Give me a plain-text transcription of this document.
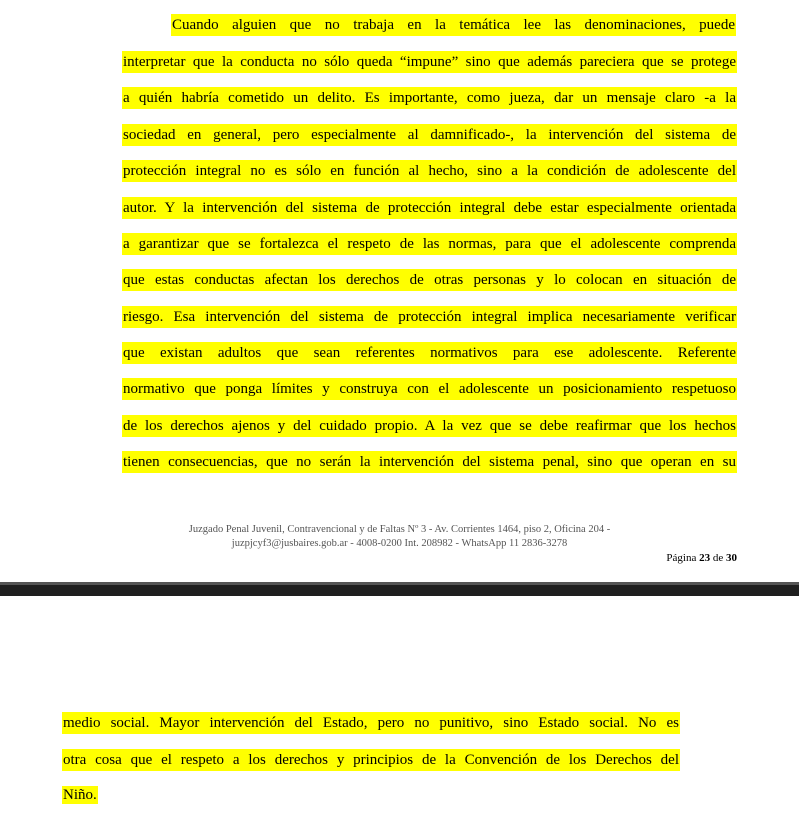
Cuando alguien que no trabaja en la temática lee las denominaciones, puede
interpretar que la conducta no sólo queda “impune” sino que además pareciera que se protege
a quién habría cometido un delito. Es importante, como jueza, dar un mensaje claro -a la
sociedad en general, pero especialmente al damnificado-, la intervención del sistema de
protección integral no es sólo en función al hecho, sino a la condición de adolescente del
autor. Y la intervención del sistema de protección integral debe estar especialmente orientada
a garantizar que se fortalezca el respeto de las normas, para que el adolescente comprenda
que estas conductas afectan los derechos de otras personas y lo colocan en situación de
riesgo. Esa intervención del sistema de protección integral implica necesariamente verificar
que existan adultos que sean referentes normativos para ese adolescente. Referente
normativo que ponga límites y construya con el adolescente un posicionamiento respetuoso
de los derechos ajenos y del cuidado propio. A la vez que se debe reafirmar que los hechos
tienen consecuencias, que no serán la intervención del sistema penal, sino que operan en su
Juzgado Penal Juvenil, Contravencional y de Faltas Nº 3 - Av. Corrientes 1464, piso 2, Oficina 204 -
juzpjcyf3@jusbaires.gob.ar - 4008-0200 Int. 208982 - WhatsApp 11 2836-3278
Página 23 de 30
medio social. Mayor intervención del Estado, pero no punitivo, sino Estado social. No es
otra cosa que el respeto a los derechos y principios de la Convención de los Derechos del
Niño.
